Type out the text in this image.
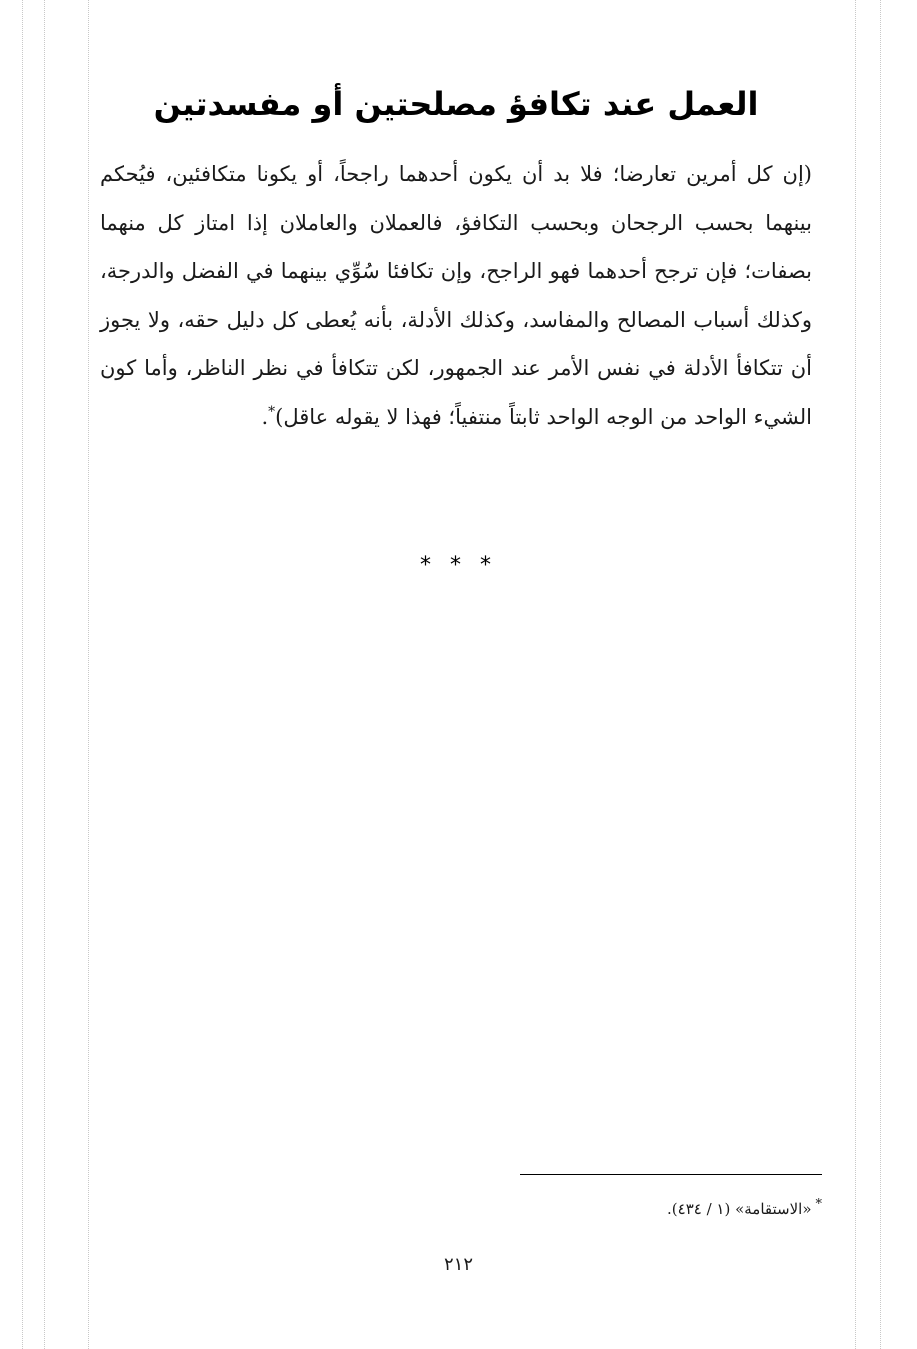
العمل عند تكافؤ مصلحتين أو مفسدتين

(إن كل أمرين تعارضا؛ فلا بد أن يكون أحدهما راجحاً، أو يكونا متكافئين، فيُحكم بينهما بحسب الرجحان وبحسب التكافؤ، فالعملان والعاملان إذا امتاز كل منهما بصفات؛ فإن ترجح أحدهما فهو الراجح، وإن تكافئا سُوِّي بينهما في الفضل والدرجة، وكذلك أسباب المصالح والمفاسد، وكذلك الأدلة، بأنه يُعطى كل دليل حقه، ولا يجوز أن تتكافأ الأدلة في نفس الأمر عند الجمهور، لكن تتكافأ في نظر الناظر، وأما كون الشيء الواحد من الوجه الواحد ثابتاً منتفياً؛ فهذا لا يقوله عاقل)*.

* * *
*«الاستقامة» (١ / ٤٣٤).
٢١٢
